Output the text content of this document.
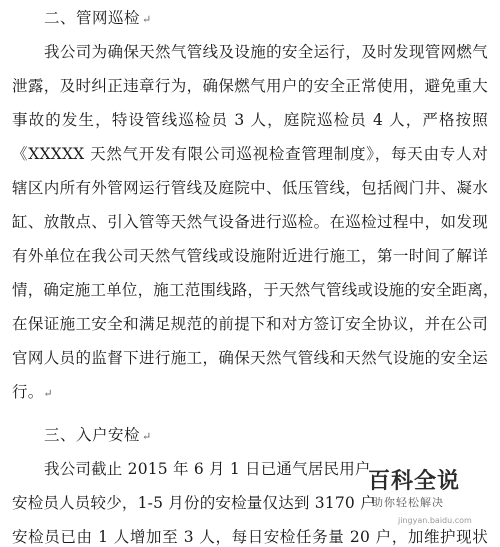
二、管网巡检 ↵
我公司为确保天然气管线及设施的安全运行，及时发现管网燃气
泄露，及时纠正违章行为，确保燃气用户的安全正常使用，避免重大
事故的发生，特设管线巡检员 3 人，庭院巡检员 4 人，严格按照
《XXXXX 天然气开发有限公司巡视检查管理制度》，每天由专人对
辖区内所有外管网运行管线及庭院中、低压管线，包括阀门井、凝水
缸、放散点、引入管等天然气设备进行巡检。在巡检过程中，如发现
有外单位在我公司天然气管线或设施附近进行施工，第一时间了解详
情，确定施工单位，施工范围线路，于天然气管线或设施的安全距离，
在保证施工安全和满足规范的前提下和对方签订安全协议，并在公司
官网人员的监督下进行施工，确保天然气管线和天然气设施的安全运
行。↵
三、入户安检 ↵
我公司截止 2015 年 6 月 1 日已通气居民用户
安检员人员较少，1-5 月份的安检量仅达到 3170 户
安检员已由 1 人增加至 3 人，每日安检任务量 20 户，加维护现状
百科全说
助你轻松解决
jingyan.baidu.com
